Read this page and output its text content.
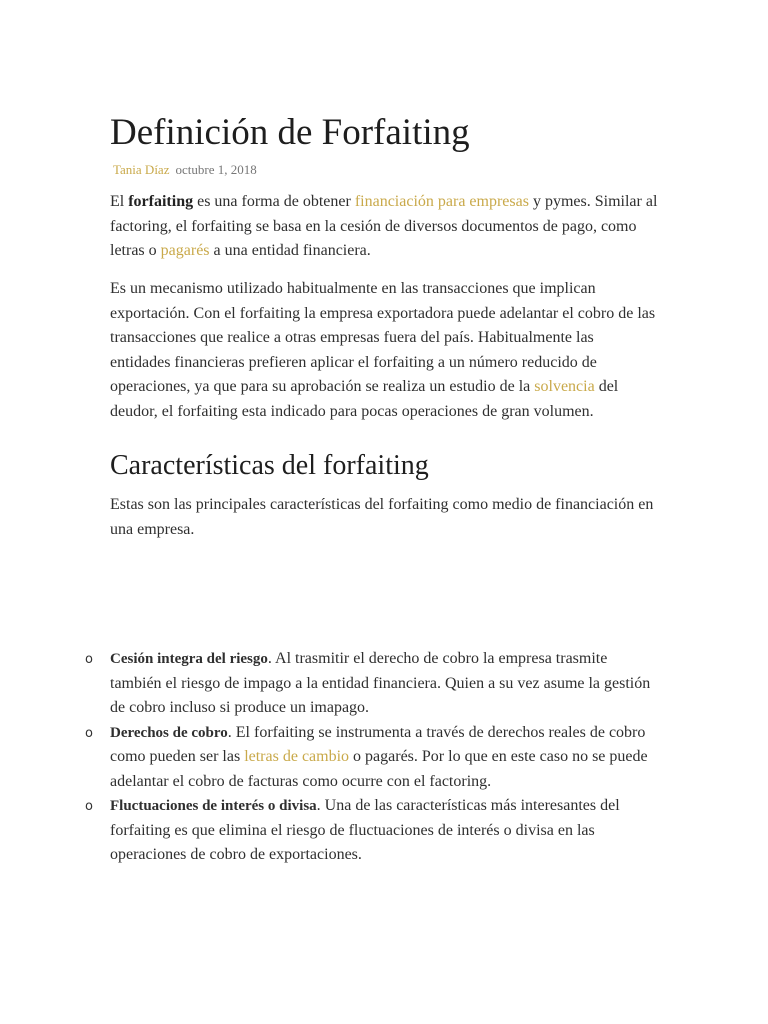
Definición de Forfaiting
Tania Díaz octubre 1, 2018

El forfaiting es una forma de obtener financiación para empresas y pymes. Similar al factoring, el forfaiting se basa en la cesión de diversos documentos de pago, como letras o pagarés a una entidad financiera.

Es un mecanismo utilizado habitualmente en las transacciones que implican exportación. Con el forfaiting la empresa exportadora puede adelantar el cobro de las transacciones que realice a otras empresas fuera del país. Habitualmente las entidades financieras prefieren aplicar el forfaiting a un número reducido de operaciones, ya que para su aprobación se realiza un estudio de la solvencia del deudor, el forfaiting esta indicado para pocas operaciones de gran volumen.

Características del forfaiting

Estas son las principales características del forfaiting como medio de financiación en una empresa.

o Cesión integra del riesgo. Al trasmitir el derecho de cobro la empresa trasmite también el riesgo de impago a la entidad financiera. Quien a su vez asume la gestión de cobro incluso si produce un imapago.
o Derechos de cobro. El forfaiting se instrumenta a través de derechos reales de cobro como pueden ser las letras de cambio o pagarés. Por lo que en este caso no se puede adelantar el cobro de facturas como ocurre con el factoring.
o Fluctuaciones de interés o divisa. Una de las características más interesantes del forfaiting es que elimina el riesgo de fluctuaciones de interés o divisa en las operaciones de cobro de exportaciones.
